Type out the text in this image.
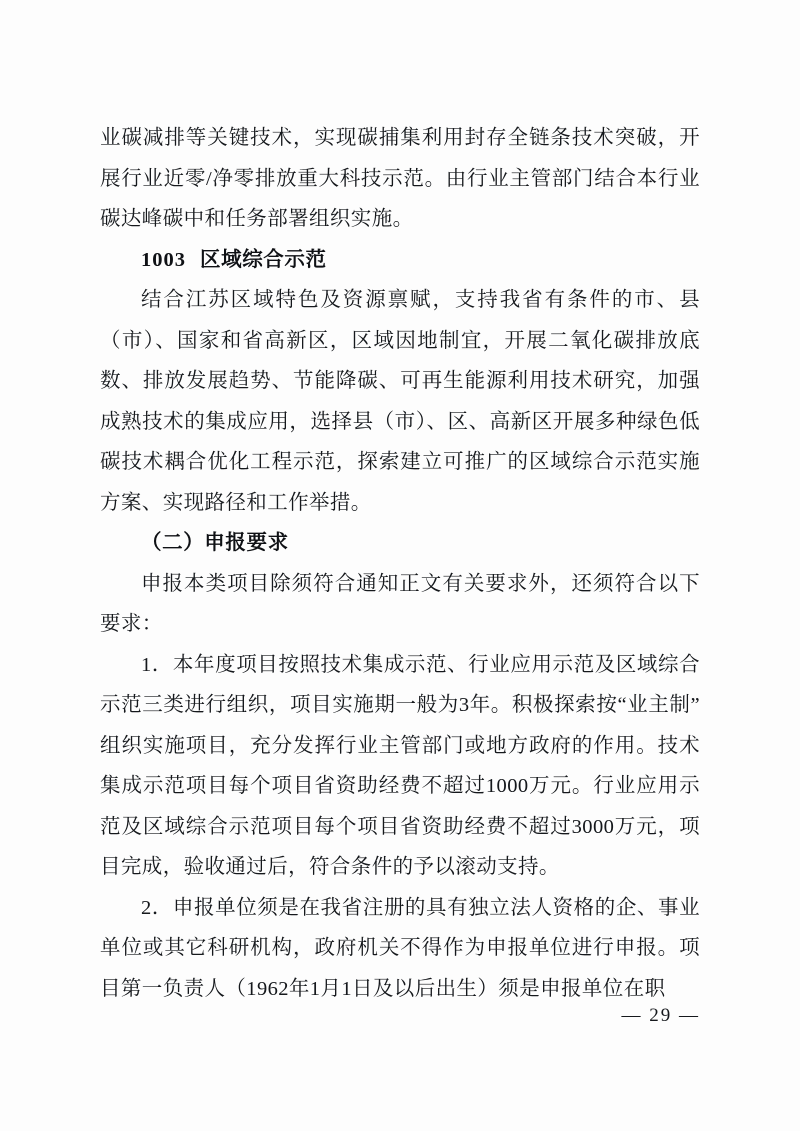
业碳减排等关键技术，实现碳捕集利用封存全链条技术突破，开展行业近零/净零排放重大科技示范。由行业主管部门结合本行业碳达峰碳中和任务部署组织实施。

1003 区域综合示范

结合江苏区域特色及资源禀赋，支持我省有条件的市、县（市）、国家和省高新区，区域因地制宜，开展二氧化碳排放底数、排放发展趋势、节能降碳、可再生能源利用技术研究，加强成熟技术的集成应用，选择县（市）、区、高新区开展多种绿色低碳技术耦合优化工程示范，探索建立可推广的区域综合示范实施方案、实现路径和工作举措。

（二）申报要求

申报本类项目除须符合通知正文有关要求外，还须符合以下要求：

1．本年度项目按照技术集成示范、行业应用示范及区域综合示范三类进行组织，项目实施期一般为3年。积极探索按“业主制”组织实施项目，充分发挥行业主管部门或地方政府的作用。技术集成示范项目每个项目省资助经费不超过1000万元。行业应用示范及区域综合示范项目每个项目省资助经费不超过3000万元，项目完成，验收通过后，符合条件的予以滚动支持。

2．申报单位须是在我省注册的具有独立法人资格的企、事业单位或其它科研机构，政府机关不得作为申报单位进行申报。项目第一负责人（1962年1月1日及以后出生）须是申报单位在职

— 29 —
